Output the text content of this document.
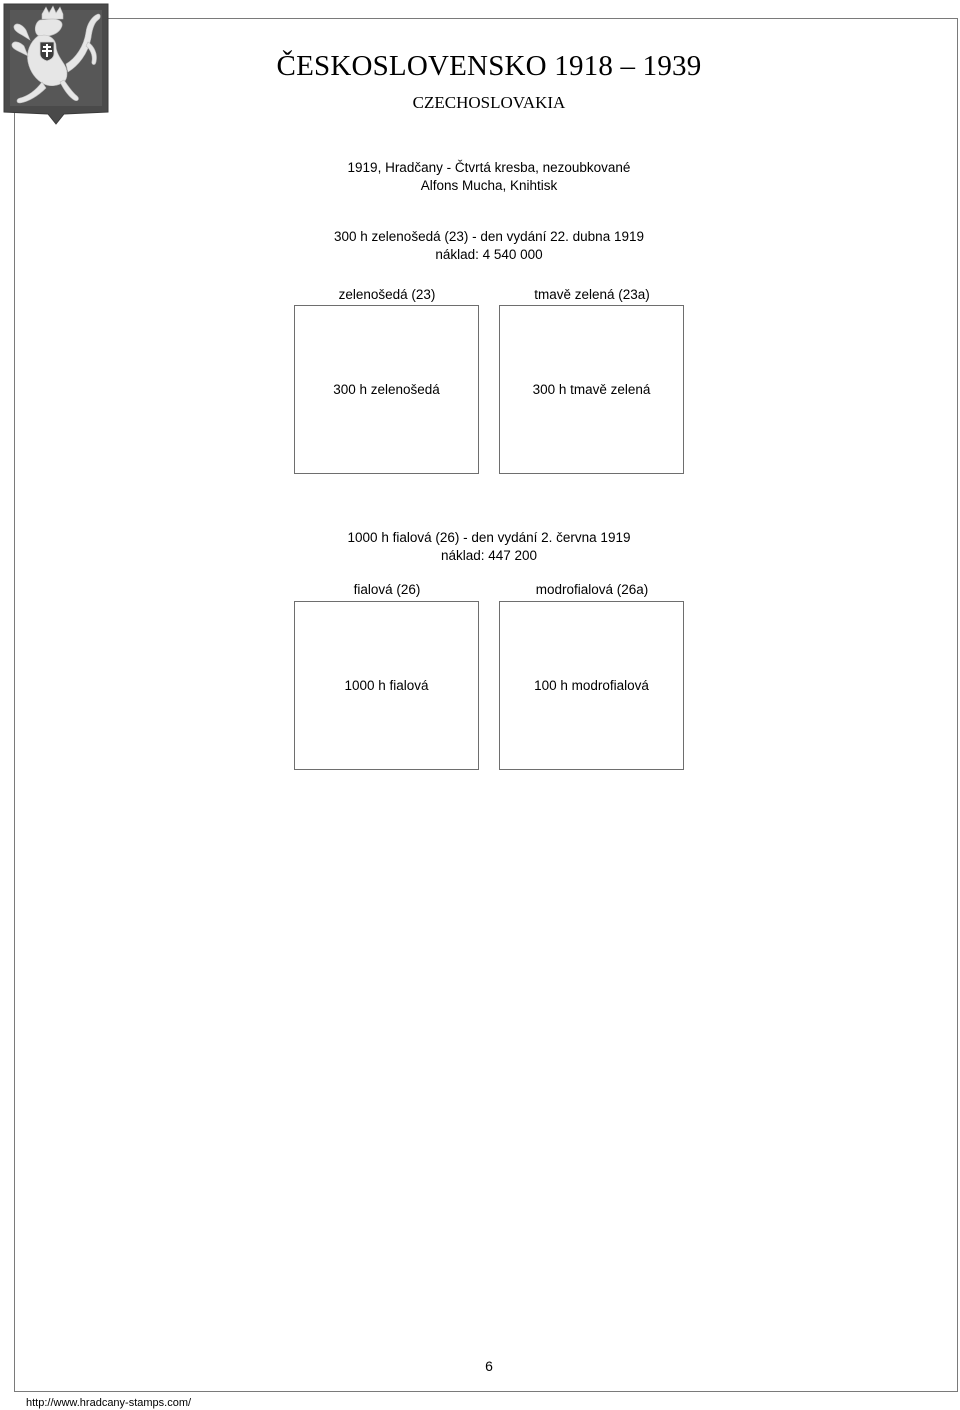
ČESKOSLOVENSKO 1918 – 1939
CZECHOSLOVAKIA
1919, Hradčany - Čtvrtá kresba, nezoubkované
Alfons Mucha, Knihtisk
300 h zelenošedá (23) - den vydání 22. dubna 1919
náklad: 4 540 000
zelenošedá (23)	tmavě zelená (23a)
300 h zelenošedá	300 h tmavě zelená
1000 h fialová (26) - den vydání 2. června 1919
náklad: 447 200
fialová (26)	modrofialová (26a)
1000 h fialová	100 h modrofialová
6
http://www.hradcany-stamps.com/
